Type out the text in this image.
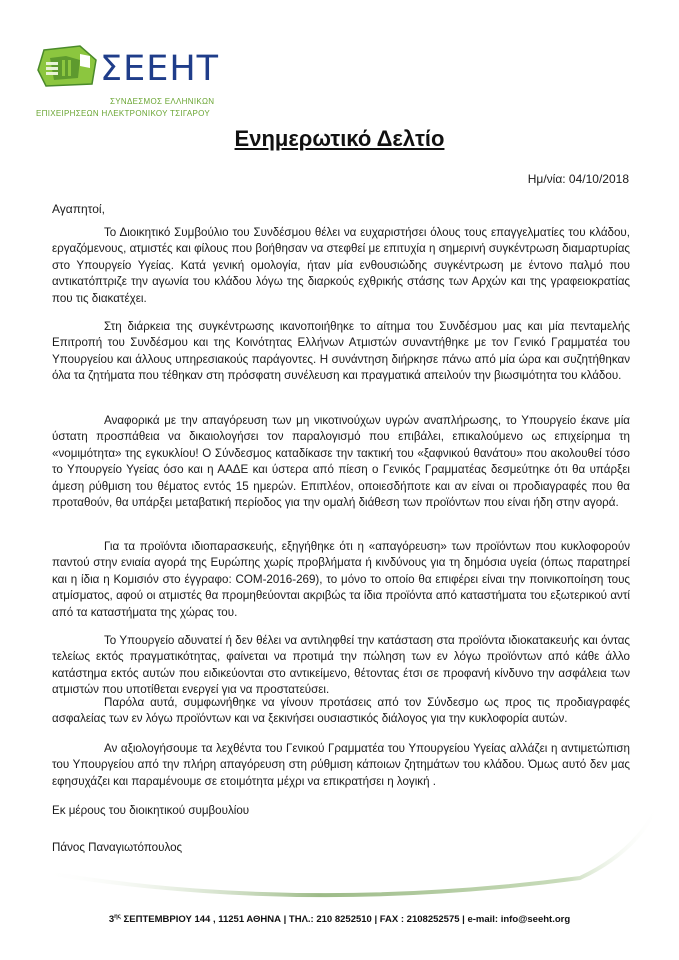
ΣΕΕΗΤ
ΣΥΝΔΕΣΜΟΣ ΕΛΛΗΝΙΚΩΝ
ΕΠΙΧΕΙΡΗΣΕΩΝ ΗΛΕΚΤΡΟΝΙΚΟΥ ΤΣΙΓΑΡΟΥ
Ενημερωτικό Δελτίο
Ημ/νία: 04/10/2018
Αγαπητοί,

Το Διοικητικό Συμβούλιο του Συνδέσμου θέλει να ευχαριστήσει όλους τους επαγγελματίες του κλάδου, εργαζόμενους, ατμιστές και φίλους που βοήθησαν να στεφθεί με επιτυχία η σημερινή συγκέντρωση διαμαρτυρίας στο Υπουργείο Υγείας. Κατά γενική ομολογία, ήταν μία ενθουσιώδης συγκέντρωση με έντονο παλμό που αντικατόπτριζε την αγωνία του κλάδου λόγω της διαρκούς εχθρικής στάσης των Αρχών και της γραφειοκρατίας που τις διακατέχει.

Στη διάρκεια της συγκέντρωσης ικανοποιήθηκε το αίτημα του Συνδέσμου μας και μία πενταμελής Επιτροπή του Συνδέσμου και της Κοινότητας Ελλήνων Ατμιστών συναντήθηκε με τον Γενικό Γραμματέα του Υπουργείου και άλλους υπηρεσιακούς παράγοντες. Η συνάντηση διήρκησε πάνω από μία ώρα και συζητήθηκαν όλα τα ζητήματα που τέθηκαν στη πρόσφατη συνέλευση και πραγματικά απειλούν την βιωσιμότητα του κλάδου.

Αναφορικά με την απαγόρευση των μη νικοτινούχων υγρών αναπλήρωσης, το Υπουργείο έκανε μία ύστατη προσπάθεια να δικαιολογήσει τον παραλογισμό που επιβάλει, επικαλούμενο ως επιχείρημα τη «νομιμότητα» της εγκυκλίου! Ο Σύνδεσμος καταδίκασε την τακτική του «ξαφνικού θανάτου» που ακολουθεί τόσο το Υπουργείο Υγείας όσο και η ΑΑΔΕ και ύστερα από πίεση ο Γενικός Γραμματέας δεσμεύτηκε ότι θα υπάρξει άμεση ρύθμιση του θέματος εντός 15 ημερών. Επιπλέον, οποιεσδήποτε και αν είναι οι προδιαγραφές που θα προταθούν, θα υπάρξει μεταβατική περίοδος για την ομαλή διάθεση των προϊόντων που είναι ήδη στην αγορά.

Για τα προϊόντα ιδιοπαρασκευής, εξηγήθηκε ότι η «απαγόρευση» των προϊόντων που κυκλοφορούν παντού στην ενιαία αγορά της Ευρώπης χωρίς προβλήματα ή κινδύνους για τη δημόσια υγεία (όπως παρατηρεί και η ίδια η Κομισιόν στο έγγραφο: COM-2016-269), το μόνο το οποίο θα επιφέρει είναι την ποινικοποίηση τους ατμίσματος, αφού οι ατμιστές θα προμηθεύονται ακριβώς τα ίδια προϊόντα από καταστήματα του εξωτερικού αντί από τα καταστήματα της χώρας του.

Το Υπουργείο αδυνατεί ή δεν θέλει να αντιληφθεί την κατάσταση στα προϊόντα ιδιοκατακευής και όντας τελείως εκτός πραγματικότητας, φαίνεται να προτιμά την πώληση των εν λόγω προϊόντων από κάθε άλλο κατάστημα εκτός αυτών που ειδικεύονται στο αντικείμενο, θέτοντας έτσι σε προφανή κίνδυνο την ασφάλεια των ατμιστών που υποτίθεται ενεργεί για να προστατεύσει.

Παρόλα αυτά, συμφωνήθηκε να γίνουν προτάσεις από τον Σύνδεσμο ως προς τις προδιαγραφές ασφαλείας των εν λόγω προϊόντων και να ξεκινήσει ουσιαστικός διάλογος για την κυκλοφορία αυτών.

Αν αξιολογήσουμε τα λεχθέντα του Γενικού Γραμματέα του Υπουργείου Υγείας αλλάζει η αντιμετώπιση του Υπουργείου από την πλήρη απαγόρευση στη ρύθμιση κάποιων ζητημάτων του κλάδου. Όμως αυτό δεν μας εφησυχάζει και παραμένουμε σε ετοιμότητα μέχρι να επικρατήσει η λογική .

Εκ μέρους του διοικητικού συμβουλίου
Πάνος Παναγιωτόπουλος
$3^{\eta\varsigma}$ ΣΕΠΤΕΜΒΡΙΟΥ 144 , 11251 ΑΘΗΝΑ | ΤΗΛ.: 210 8252510 | FAX : 2108252575 | e-mail: info@seeht.org
